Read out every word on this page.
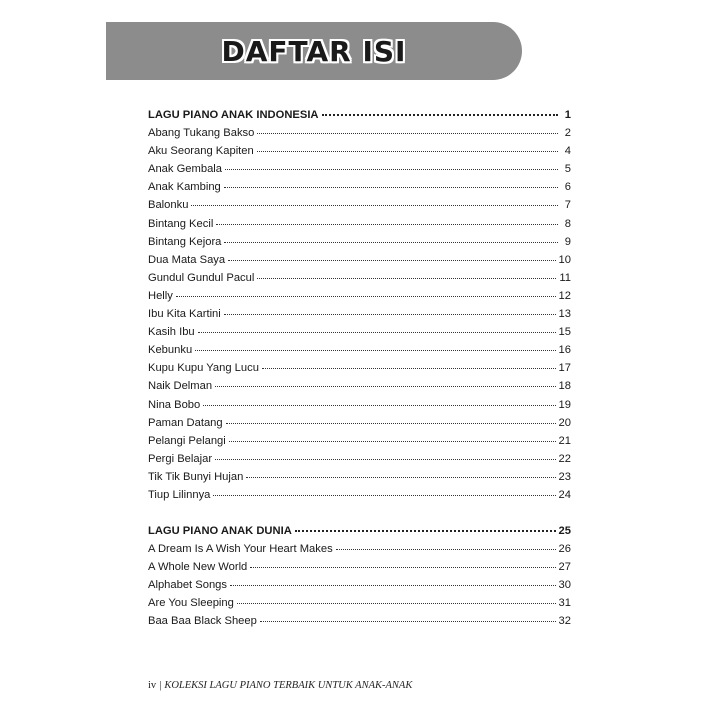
DAFTAR ISI
LAGU PIANO ANAK INDONESIA	1
Abang Tukang Bakso	2
Aku Seorang Kapiten	4
Anak Gembala	5
Anak Kambing	6
Balonku	7
Bintang Kecil	8
Bintang Kejora	9
Dua Mata Saya	10
Gundul Gundul Pacul	11
Helly	12
Ibu Kita Kartini	13
Kasih Ibu	15
Kebunku	16
Kupu Kupu Yang Lucu	17
Naik Delman	18
Nina Bobo	19
Paman Datang	20
Pelangi Pelangi	21
Pergi Belajar	22
Tik Tik Bunyi Hujan	23
Tiup Lilinnya	24
LAGU PIANO ANAK DUNIA	25
A Dream Is A Wish Your Heart Makes	26
A Whole New World	27
Alphabet Songs	30
Are You Sleeping	31
Baa Baa Black Sheep	32
iv | KOLEKSI LAGU PIANO TERBAIK UNTUK ANAK-ANAK
